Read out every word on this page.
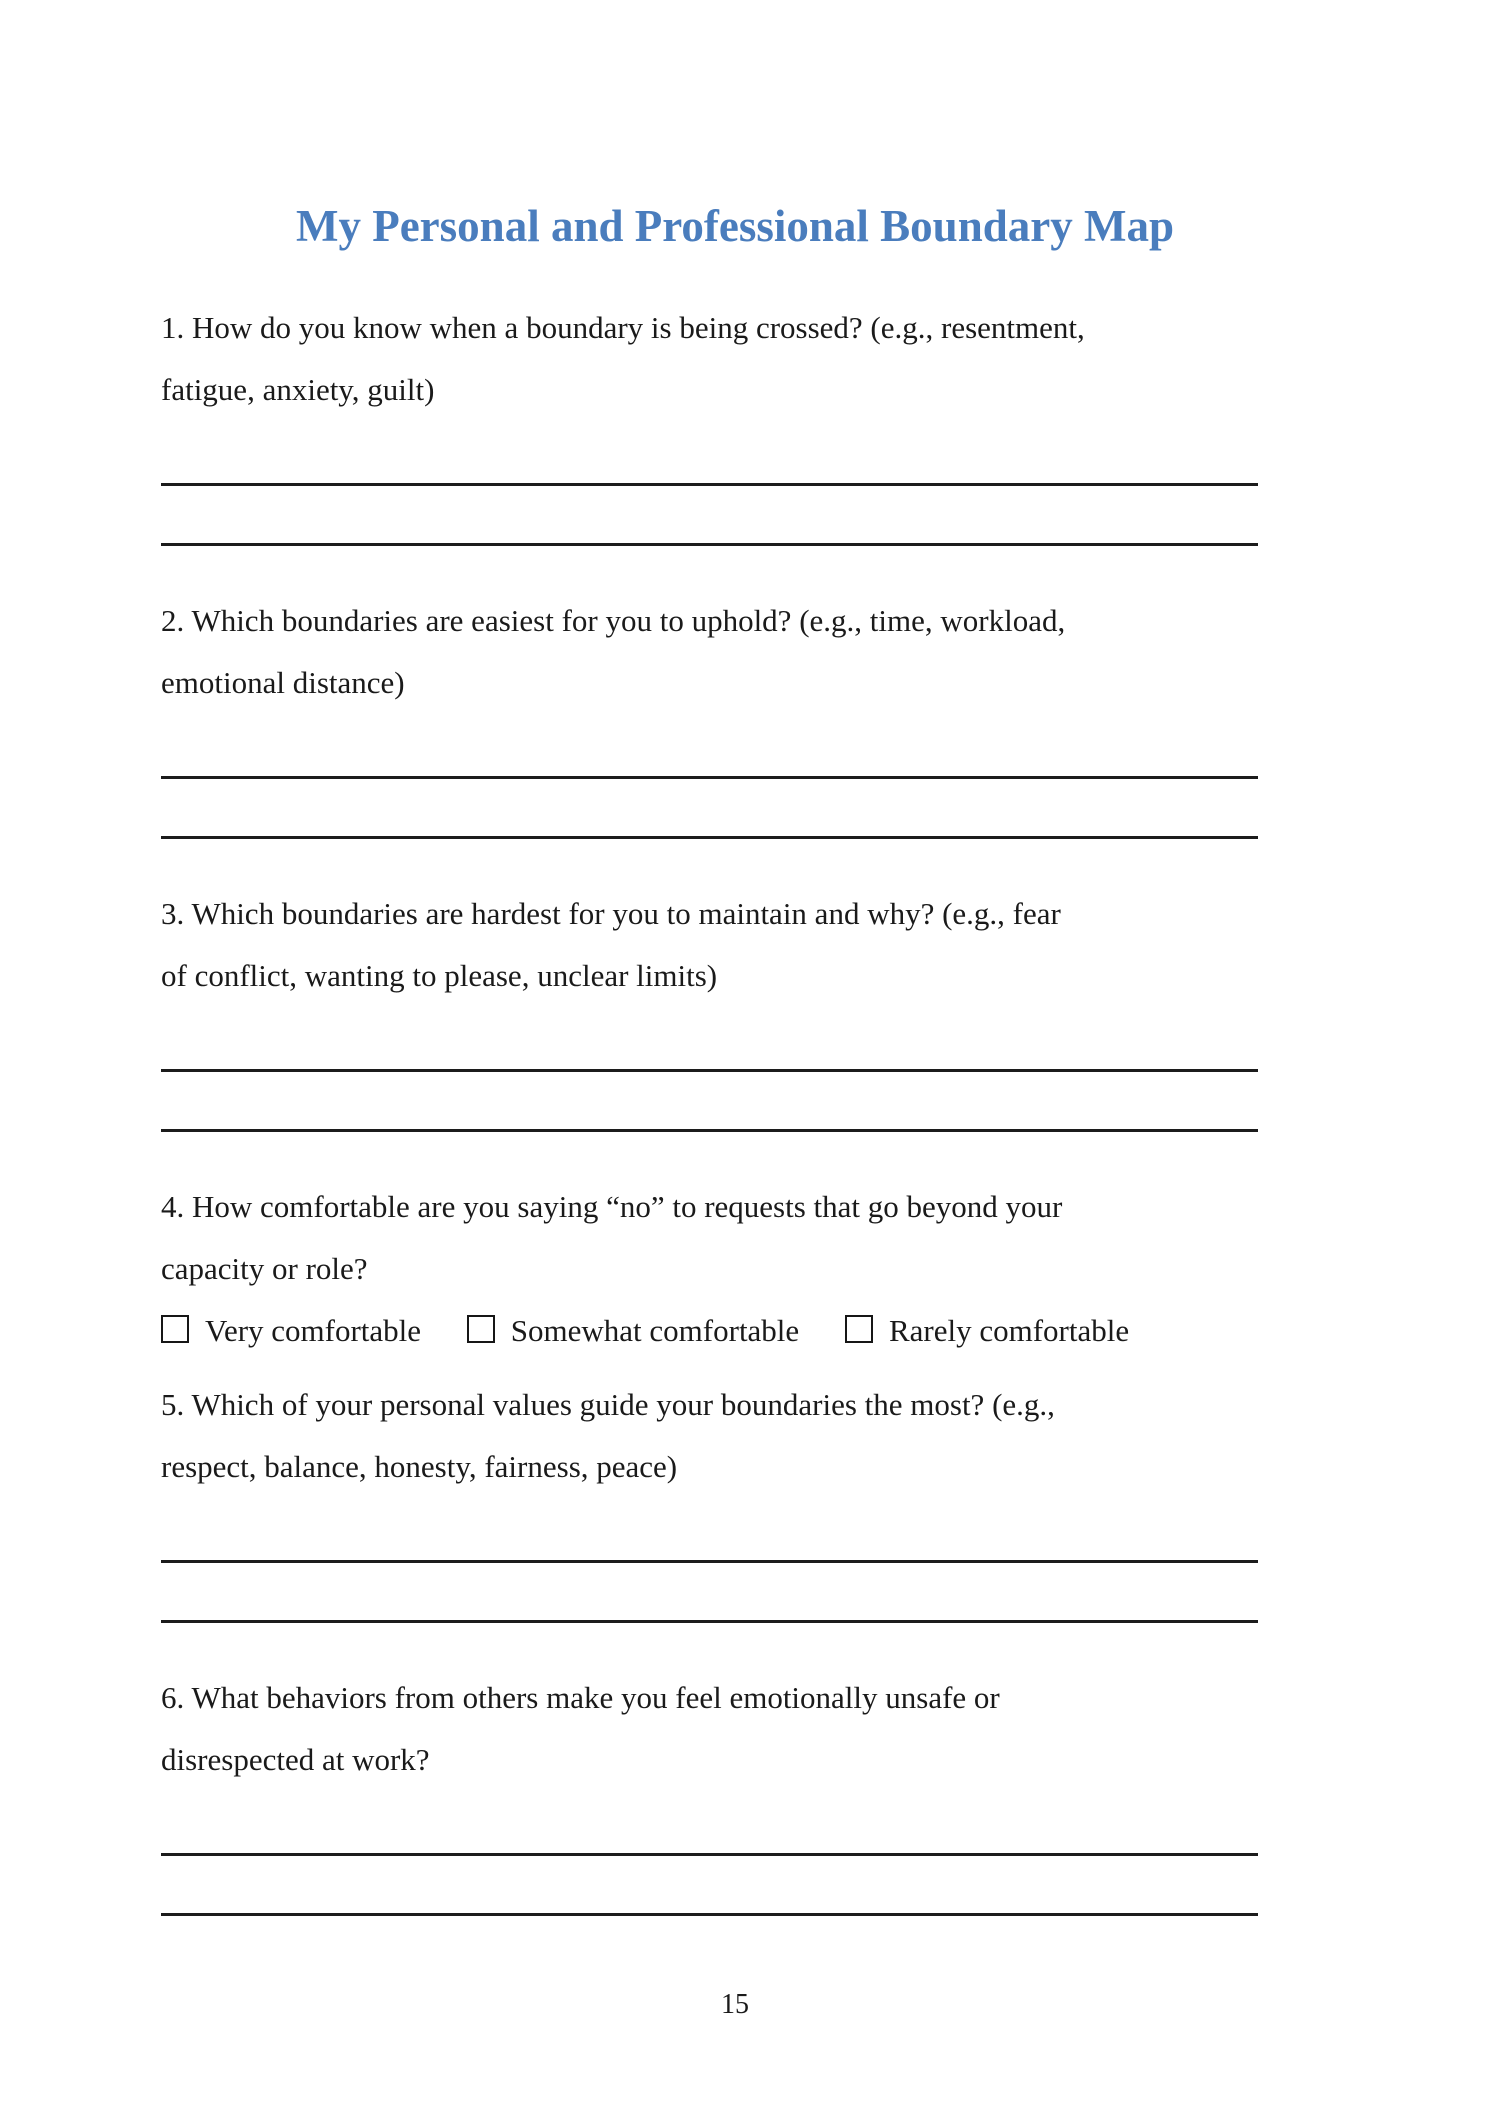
My Personal and Professional Boundary Map
1. How do you know when a boundary is being crossed? (e.g., resentment,
fatigue, anxiety, guilt)
2. Which boundaries are easiest for you to uphold? (e.g., time, workload,
emotional distance)
3. Which boundaries are hardest for you to maintain and why? (e.g., fear
of conflict, wanting to please, unclear limits)
4. How comfortable are you saying “no” to requests that go beyond your
capacity or role?
Very comfortable	Somewhat comfortable	Rarely comfortable
5. Which of your personal values guide your boundaries the most? (e.g.,
respect, balance, honesty, fairness, peace)
6. What behaviors from others make you feel emotionally unsafe or
disrespected at work?
15
